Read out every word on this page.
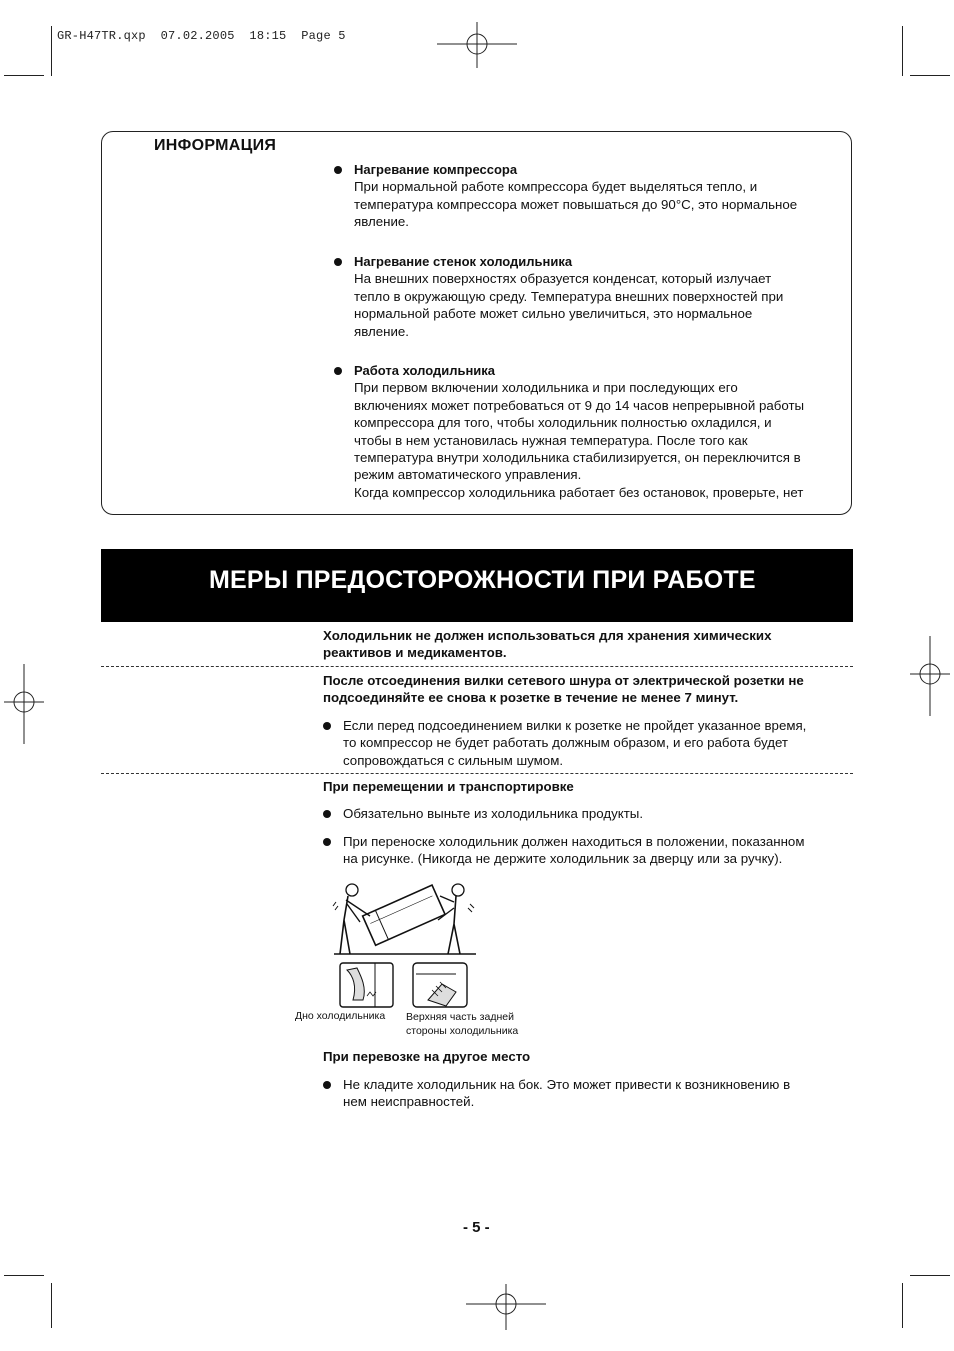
GR-H47TR.qxp  07.02.2005  18:15  Page 5
ИНФОРМАЦИЯ
Нагревание компрессора
При нормальной работе компрессора будет выделяться тепло, и
температура компрессора может повышаться до 90°C, это нормальное
явление.
Нагревание стенок холодильника
На внешних поверхностях образуется конденсат, который излучает
тепло в окружающую среду. Температура внешних поверхностей при
нормальной работе может сильно увеличиться, это нормальное
явление.
Работа холодильника
При первом включении холодильника и при последующих его
включениях может потребоваться от 9 до 14 часов непрерывной работы
компрессора для того, чтобы холодильник полностью охладился, и
чтобы в нем установилась нужная температура. После того как
температура внутри холодильника стабилизируется, он переключится в
режим автоматического управления.
Когда компрессор холодильника работает без остановок, проверьте, нет
МЕРЫ ПРЕДОСТОРОЖНОСТИ ПРИ РАБОТЕ
Холодильник не должен использоваться для хранения химических
реактивов и медикаментов.
После отсоединения вилки сетевого шнура от электрической розетки не
подсоединяйте ее снова к розетке в течение не менее 7 минут.
Если перед подсоединением вилки к розетке не пройдет указанное время,
то компрессор не будет работать должным образом, и его работа будет
сопровождаться с сильным шумом.
При перемещении и транспортировке
Обязательно выньте из холодильника продукты.
При переноске холодильник должен находиться в положении, показанном
на рисунке. (Никогда не держите холодильник за дверцу или за ручку).
Дно холодильника Верхняя часть задней
стороны холодильника
При перевозке на другое место
Не кладите холодильник на бок. Это может привести к возникновению в
нем неисправностей.
- 5 -
